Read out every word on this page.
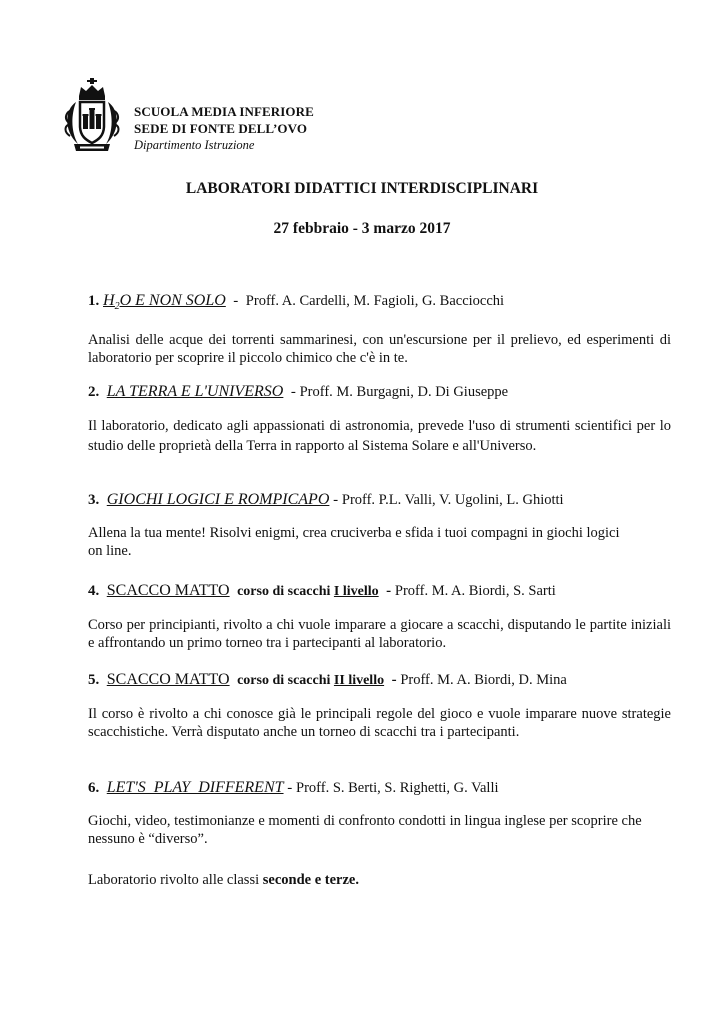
SCUOLA MEDIA INFERIORE
SEDE DI FONTE DELL’OVO
Dipartimento Istruzione
LABORATORI DIDATTICI INTERDISCIPLINARI
27 febbraio - 3 marzo 2017
1. $H_2O$ E NON SOLO - Proff. A. Cardelli, M. Fagioli, G. Bacciocchi
Analisi delle acque dei torrenti sammarinesi, con un'escursione per il prelievo, ed esperimenti di laboratorio per scoprire il piccolo chimico che c'è in te.
2. LA TERRA E L'UNIVERSO - Proff. M. Burgagni, D. Di Giuseppe
Il laboratorio, dedicato agli appassionati di astronomia, prevede l'uso di strumenti scientifici per lo studio delle proprietà della Terra in rapporto al Sistema Solare e all'Universo.
3. GIOCHI LOGICI E ROMPICAPO - Proff. P.L. Valli, V. Ugolini, L. Ghiotti
Allena la tua mente! Risolvi enigmi, crea cruciverba e sfida i tuoi compagni in giochi logici on line.
4. SCACCO MATTO corso di scacchi I livello - Proff. M. A. Biordi, S. Sarti
Corso per principianti, rivolto a chi vuole imparare a giocare a scacchi, disputando le partite iniziali e affrontando un primo torneo tra i partecipanti al laboratorio.
5. SCACCO MATTO corso di scacchi II livello - Proff. M. A. Biordi, D. Mina
Il corso è rivolto a chi conosce già le principali regole del gioco e vuole imparare nuove strategie scacchistiche. Verrà disputato anche un torneo di scacchi tra i partecipanti.
6. LET'S  PLAY  DIFFERENT - Proff. S. Berti, S. Righetti, G. Valli
Giochi, video, testimonianze e momenti di confronto condotti in lingua inglese per scoprire che nessuno è “diverso”.
Laboratorio rivolto alle classi seconde e terze.
